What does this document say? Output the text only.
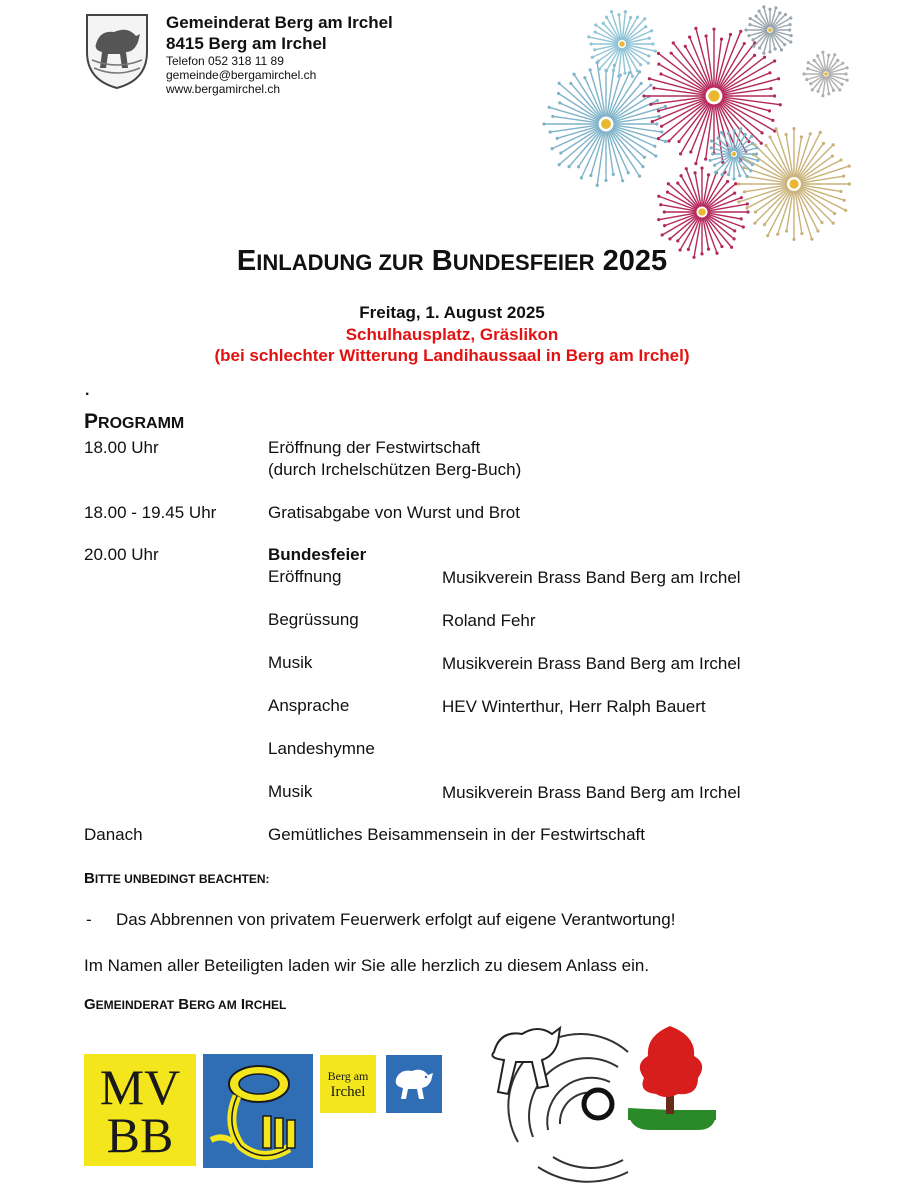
Gemeinderat Berg am Irchel
8415 Berg am Irchel
Telefon 052 318 11 89
gemeinde@bergamirchel.ch
www.bergamirchel.ch
EINLADUNG ZUR BUNDESFEIER 2025
Freitag, 1. August 2025
Schulhausplatz, Gräslikon
(bei schlechter Witterung Landihaussaal in Berg am Irchel)
.
PROGRAMM
18.00 Uhr	Eröffnung der Festwirtschaft
(durch Irchelschützen Berg-Buch)
18.00 - 19.45 Uhr	Gratisabgabe von Wurst und Brot
20.00 Uhr	Bundesfeier
Eröffnung	Musikverein Brass Band Berg am Irchel
Begrüssung	Roland Fehr
Musik	Musikverein Brass Band Berg am Irchel
Ansprache	HEV Winterthur, Herr Ralph Bauert
Landeshymne
Musik	Musikverein Brass Band Berg am Irchel
Danach	Gemütliches Beisammensein in der Festwirtschaft
BITTE UNBEDINGT BEACHTEN:
- Das Abbrennen von privatem Feuerwerk erfolgt auf eigene Verantwortung!
Im Namen aller Beteiligten laden wir Sie alle herzlich zu diesem Anlass ein.
GEMEINDERAT BERG AM IRCHEL
MV
BB
Berg am
Irchel
